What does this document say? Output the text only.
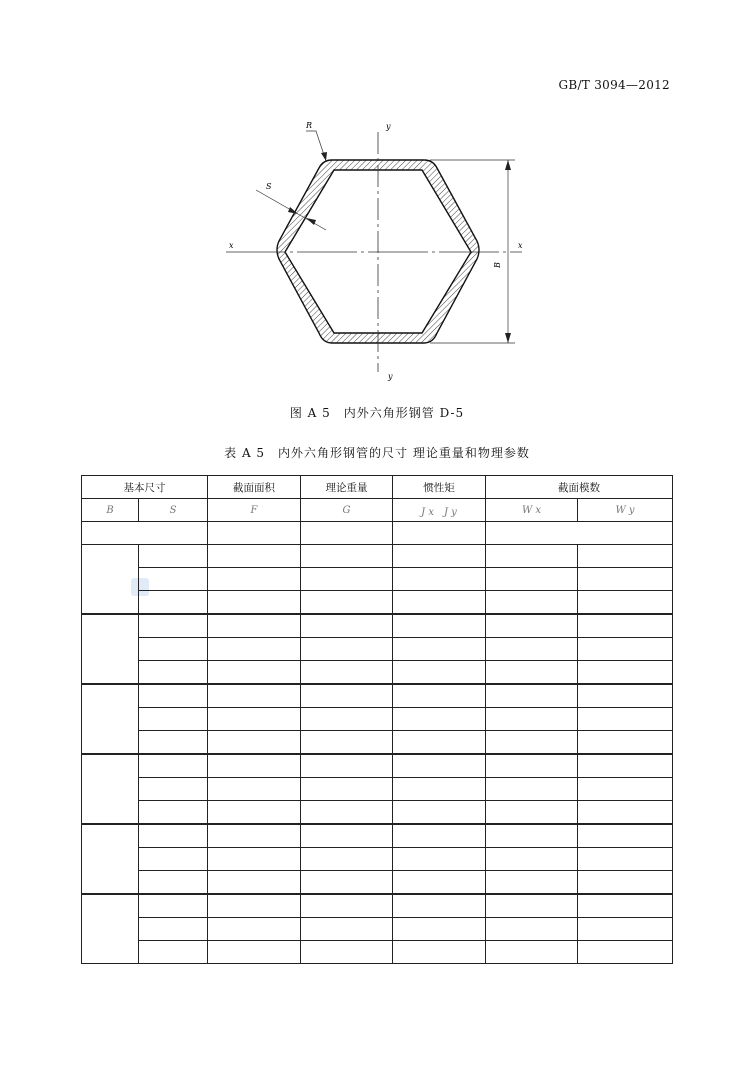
GB/T 3094—2012
R
S
x	x
y
y
B
图 A 5　内外六角形钢管 D-5
表 A 5　内外六角形钢管的尺寸 理论重量和物理参数
基本尺寸		截面面积	理论重量	惯性矩	截面模数	
B	S	F	G	J x　J y	W x	W y
